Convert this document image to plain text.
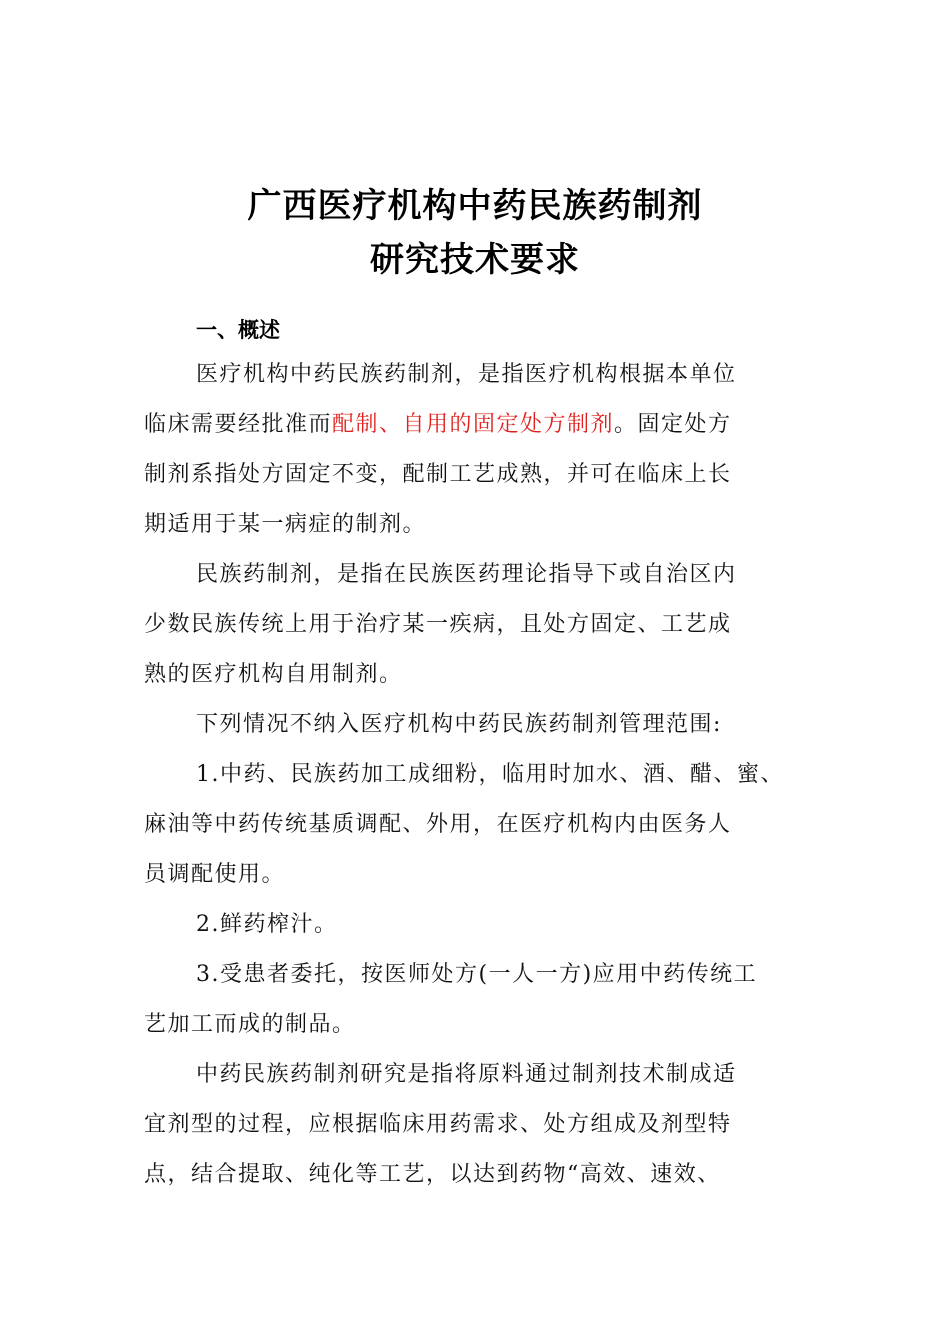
广西医疗机构中药民族药制剂
研究技术要求
一、概述
医疗机构中药民族药制剂，是指医疗机构根据本单位
临床需要经批准而配制、自用的固定处方制剂。固定处方
制剂系指处方固定不变，配制工艺成熟，并可在临床上长
期适用于某一病症的制剂。
民族药制剂，是指在民族医药理论指导下或自治区内
少数民族传统上用于治疗某一疾病，且处方固定、工艺成
熟的医疗机构自用制剂。
下列情况不纳入医疗机构中药民族药制剂管理范围:
1.中药、民族药加工成细粉，临用时加水、酒、醋、蜜、
麻油等中药传统基质调配、外用，在医疗机构内由医务人
员调配使用。
2.鲜药榨汁。
3.受患者委托，按医师处方(一人一方)应用中药传统工
艺加工而成的制品。
中药民族药制剂研究是指将原料通过制剂技术制成适
宜剂型的过程，应根据临床用药需求、处方组成及剂型特
点，结合提取、纯化等工艺，以达到药物“高效、速效、
